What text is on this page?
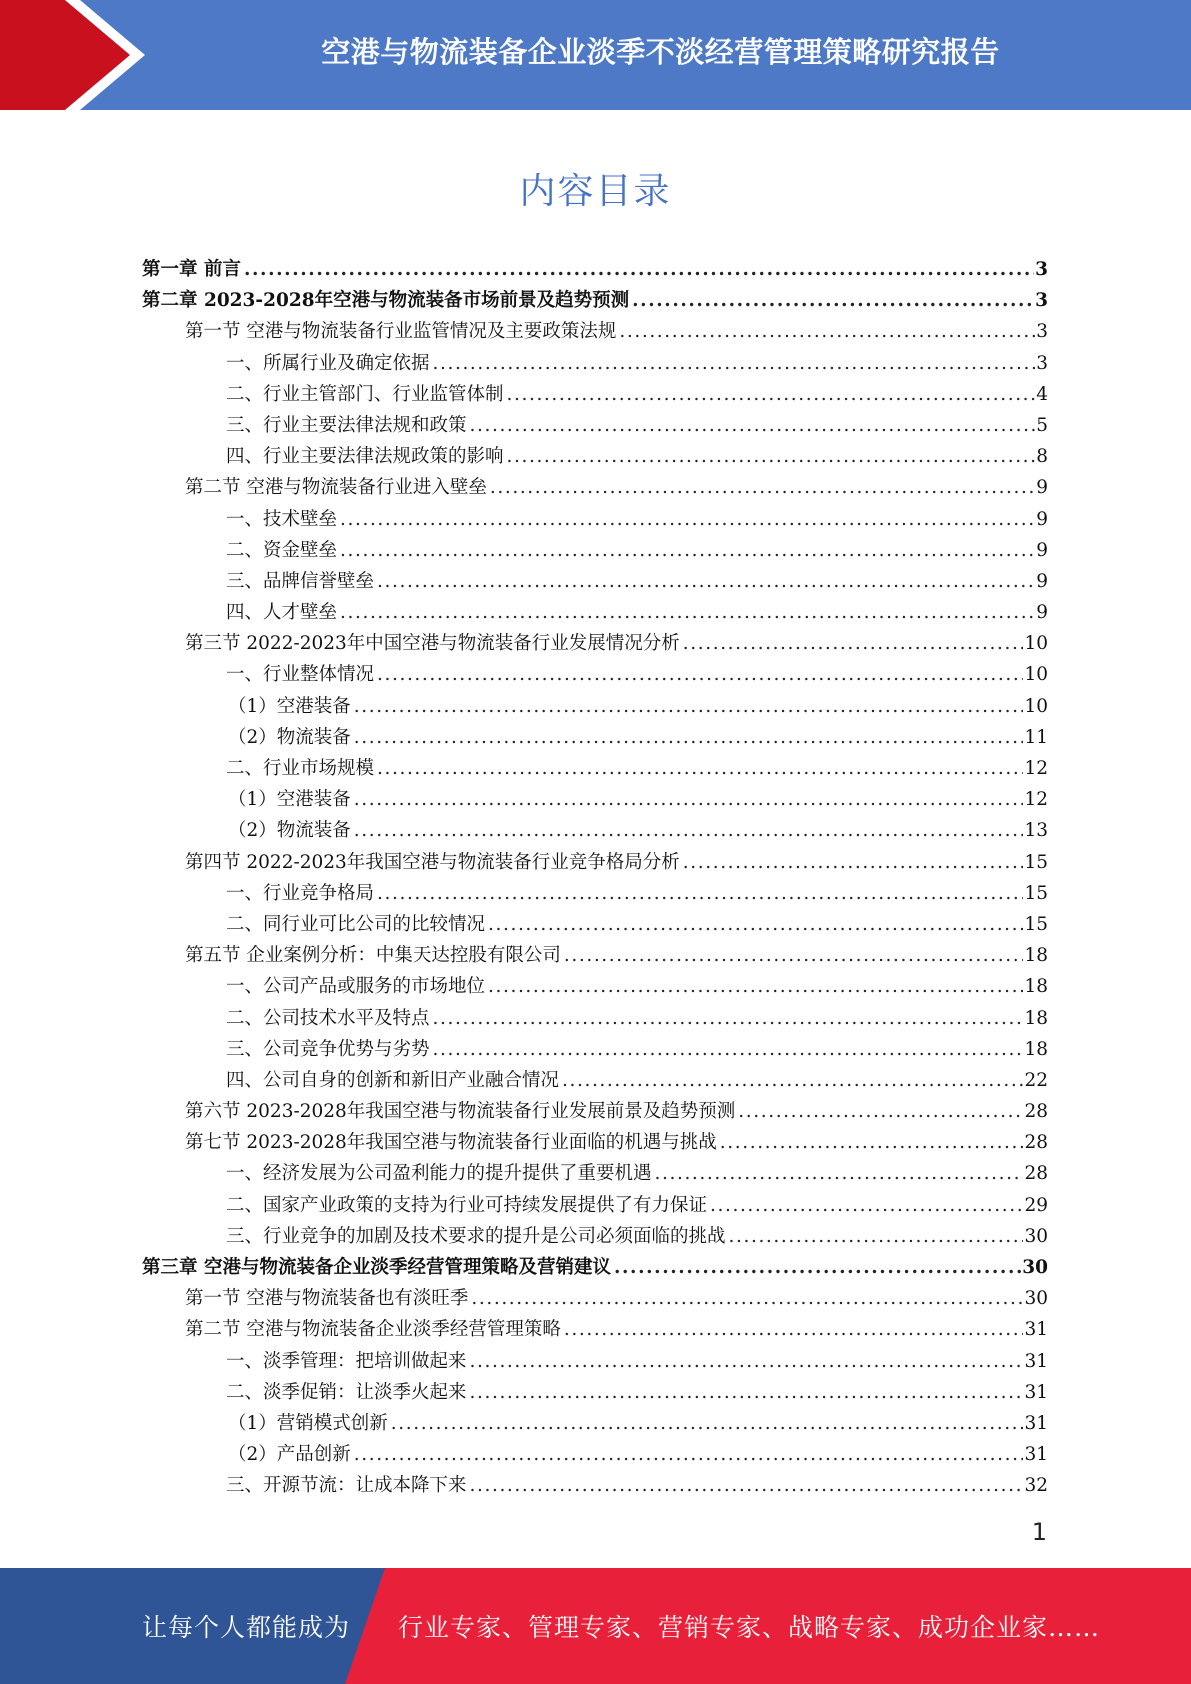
空港与物流装备企业淡季不淡经营管理策略研究报告
内容目录
第一章 前言 .....	3
第二章 2023-2028年空港与物流装备市场前景及趋势预测 .....	3
第一节 空港与物流装备行业监管情况及主要政策法规 .....	3
一、所属行业及确定依据 .....	3
二、行业主管部门、行业监管体制 .....	4
三、行业主要法律法规和政策 .....	5
四、行业主要法律法规政策的影响 .....	8
第二节 空港与物流装备行业进入壁垒 .....	9
一、技术壁垒 .....	9
二、资金壁垒 .....	9
三、品牌信誉壁垒 .....	9
四、人才壁垒 .....	9
第三节 2022-2023年中国空港与物流装备行业发展情况分析 .....	10
一、行业整体情况 .....	10
（1）空港装备 .....	10
（2）物流装备 .....	11
二、行业市场规模 .....	12
（1）空港装备 .....	12
（2）物流装备 .....	13
第四节 2022-2023年我国空港与物流装备行业竞争格局分析 .....	15
一、行业竞争格局 .....	15
二、同行业可比公司的比较情况 .....	15
第五节 企业案例分析：中集天达控股有限公司 .....	18
一、公司产品或服务的市场地位 .....	18
二、公司技术水平及特点 .....	18
三、公司竞争优势与劣势 .....	18
四、公司自身的创新和新旧产业融合情况 .....	22
第六节 2023-2028年我国空港与物流装备行业发展前景及趋势预测 .....	28
第七节 2023-2028年我国空港与物流装备行业面临的机遇与挑战 .....	28
一、经济发展为公司盈利能力的提升提供了重要机遇 .....	28
二、国家产业政策的支持为行业可持续发展提供了有力保证 .....	29
三、行业竞争的加剧及技术要求的提升是公司必须面临的挑战 .....	30
第三章 空港与物流装备企业淡季经营管理策略及营销建议 .....	30
第一节 空港与物流装备也有淡旺季 .....	30
第二节 空港与物流装备企业淡季经营管理策略 .....	31
一、淡季管理：把培训做起来 .....	31
二、淡季促销：让淡季火起来 .....	31
（1）营销模式创新 .....	31
（2）产品创新 .....	31
三、开源节流：让成本降下来 .....	32
1
让每个人都能成为 行业专家、管理专家、营销专家、战略专家、成功企业家……
